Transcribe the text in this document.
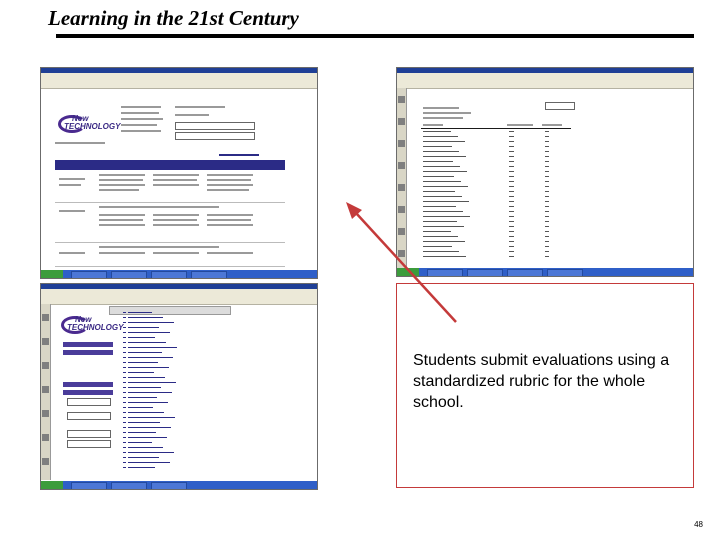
Learning in the 21st Century
New
TECHNOLOGY
New
TECHNOLOGY
Students submit evaluations using a standardized rubric for the whole school.
48
